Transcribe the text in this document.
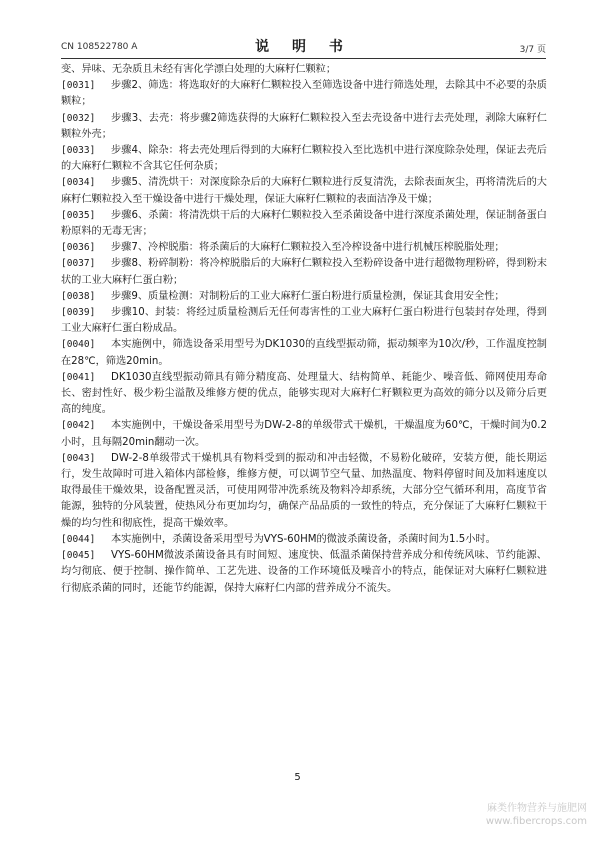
CN 108522780 A	说 明 书	3/7 页

变、异味、无杂质且未经有害化学漂白处理的大麻籽仁颗粒；

[0031] 步骤2、筛选：将选取好的大麻籽仁颗粒投入至筛选设备中进行筛选处理，去除其中不必要的杂质颗粒；

[0032] 步骤3、去壳：将步骤2筛选获得的大麻籽仁颗粒投入至去壳设备中进行去壳处理，剥除大麻籽仁颗粒外壳；

[0033] 步骤4、除杂：将去壳处理后得到的大麻籽仁颗粒投入至比选机中进行深度除杂处理，保证去壳后的大麻籽仁颗粒不含其它任何杂质；

[0034] 步骤5、清洗烘干：对深度除杂后的大麻籽仁颗粒进行反复清洗，去除表面灰尘，再将清洗后的大麻籽仁颗粒投入至干燥设备中进行干燥处理，保证大麻籽仁颗粒的表面洁净及干燥；

[0035] 步骤6、杀菌：将清洗烘干后的大麻籽仁颗粒投入至杀菌设备中进行深度杀菌处理，保证制备蛋白粉原料的无毒无害；

[0036] 步骤7、冷榨脱脂：将杀菌后的大麻籽仁颗粒投入至冷榨设备中进行机械压榨脱脂处理；

[0037] 步骤8、粉碎制粉：将冷榨脱脂后的大麻籽仁颗粒投入至粉碎设备中进行超微物理粉碎，得到粉末状的工业大麻籽仁蛋白粉；

[0038] 步骤9、质量检测：对制粉后的工业大麻籽仁蛋白粉进行质量检测，保证其食用安全性；

[0039] 步骤10、封装：将经过质量检测后无任何毒害性的工业大麻籽仁蛋白粉进行包装封存处理，得到工业大麻籽仁蛋白粉成品。

[0040] 本实施例中，筛选设备采用型号为DK1030的直线型振动筛，振动频率为10次/秒，工作温度控制在28℃，筛选20min。

[0041] DK1030直线型振动筛具有筛分精度高、处理量大、结构简单、耗能少、噪音低、筛网使用寿命长、密封性好、极少粉尘溢散及维修方便的优点，能够实现对大麻籽仁籽颗粒更为高效的筛分以及筛分后更高的纯度。

[0042] 本实施例中，干燥设备采用型号为DW-2-8的单级带式干燥机，干燥温度为60℃，干燥时间为0.2小时，且每隔20min翻动一次。

[0043] DW-2-8单级带式干燥机具有物料受到的振动和冲击轻微，不易粉化破碎，安装方便，能长期运行，发生故障时可进入箱体内部检修，维修方便，可以调节空气量、加热温度、物料停留时间及加料速度以取得最佳干燥效果，设备配置灵活，可使用网带冲洗系统及物料冷却系统，大部分空气循环利用，高度节省能源，独特的分风装置，使热风分布更加均匀，确保产品品质的一致性的特点，充分保证了大麻籽仁颗粒干燥的均匀性和彻底性，提高干燥效率。

[0044] 本实施例中，杀菌设备采用型号为VYS-60HM的微波杀菌设备，杀菌时间为1.5小时。

[0045] VYS-60HM微波杀菌设备具有时间短、速度快、低温杀菌保持营养成分和传统风味、节约能源、均匀彻底、便于控制、操作简单、工艺先进、设备的工作环境低及噪音小的特点，能保证对大麻籽仁颗粒进行彻底杀菌的同时，还能节约能源，保持大麻籽仁内部的营养成分不流失。

5
麻类作物营养与施肥网
www.fibercrops.com
